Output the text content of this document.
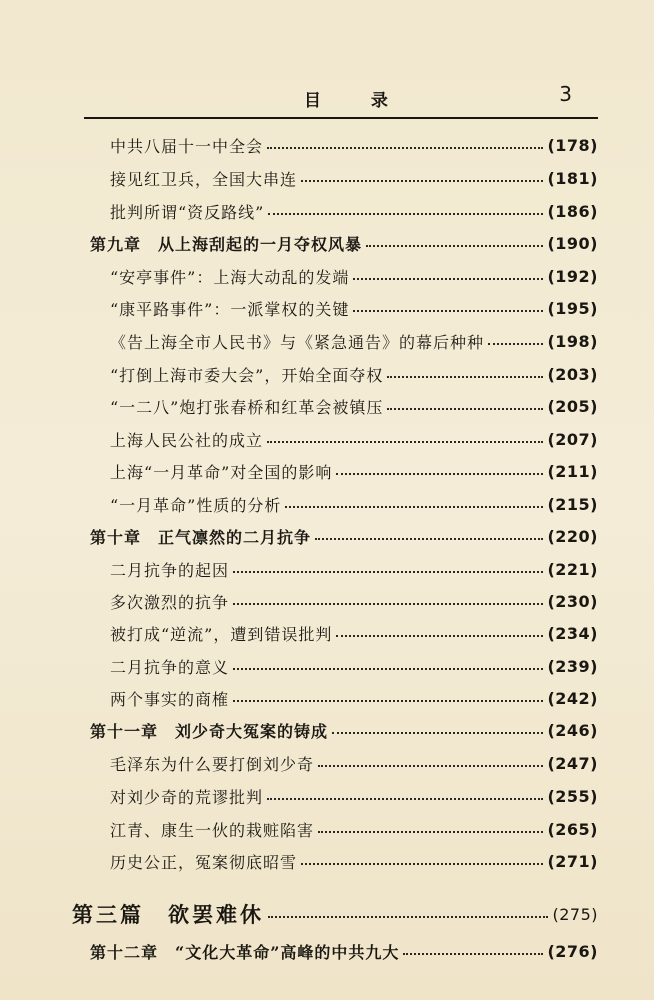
目 录	3
中共八届十一中全会	(178)
接见红卫兵，全国大串连	(181)
批判所谓“资反路线”	(186)
第九章　从上海刮起的一月夺权风暴	(190)
“安亭事件”：上海大动乱的发端	(192)
“康平路事件”：一派掌权的关键	(195)
《告上海全市人民书》与《紧急通告》的幕后种种	(198)
“打倒上海市委大会”，开始全面夺权	(203)
“一二八”炮打张春桥和红革会被镇压	(205)
上海人民公社的成立	(207)
上海“一月革命”对全国的影响	(211)
“一月革命”性质的分析	(215)
第十章　正气凛然的二月抗争	(220)
二月抗争的起因	(221)
多次激烈的抗争	(230)
被打成“逆流”，遭到错误批判	(234)
二月抗争的意义	(239)
两个事实的商榷	(242)
第十一章　刘少奇大冤案的铸成	(246)
毛泽东为什么要打倒刘少奇	(247)
对刘少奇的荒谬批判	(255)
江青、康生一伙的栽赃陷害	(265)
历史公正，冤案彻底昭雪	(271)
第三篇　欲罢难休	(275)
第十二章　“文化大革命”高峰的中共九大	(276)
